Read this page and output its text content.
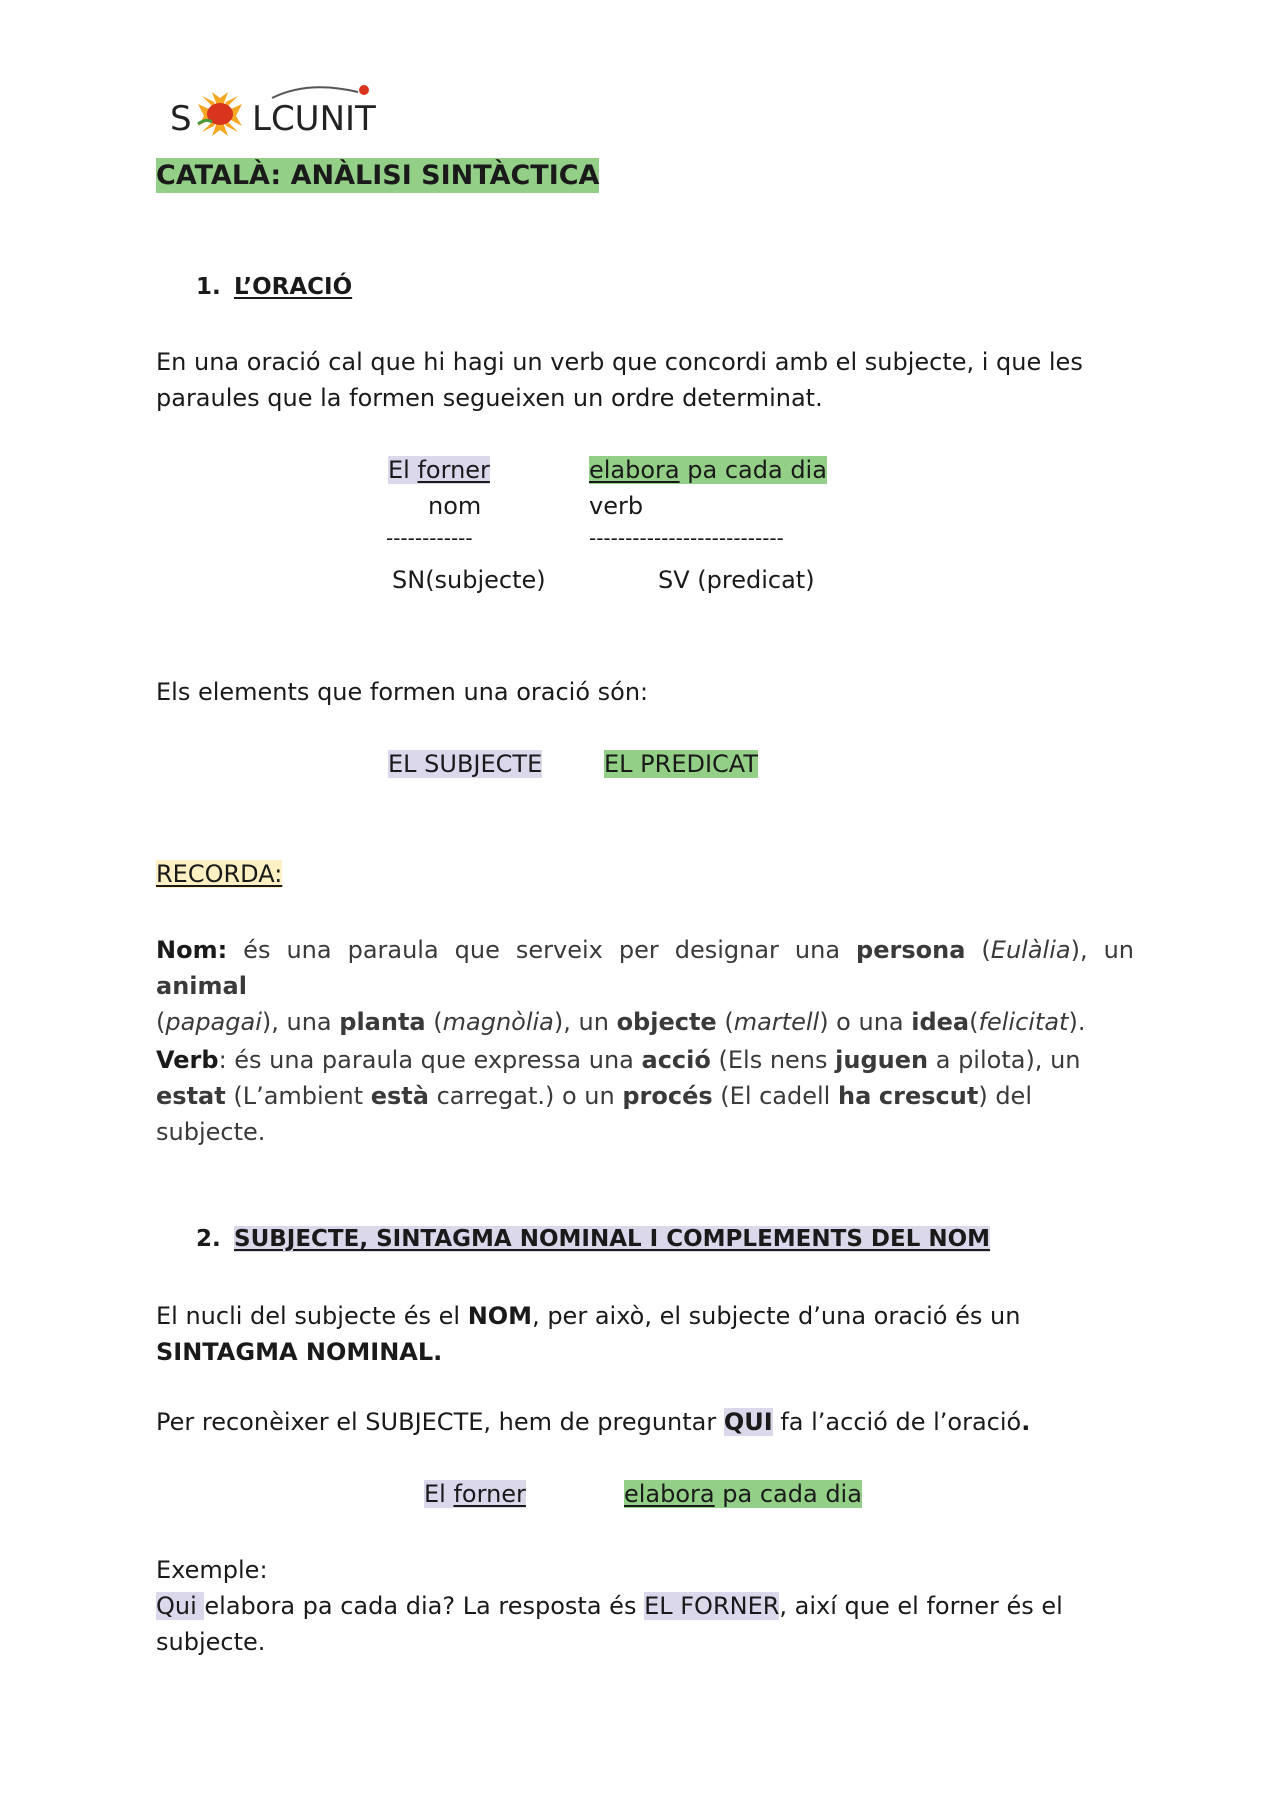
S LCUNIT
CATALÀ: ANÀLISI SINTÀCTICA
1. L’ORACIÓ
En una oració cal que hi hagi un verb que concordi amb el subjecte, i que les
paraules que la formen segueixen un ordre determinat.
El forner	elabora pa cada dia
nom	verb
------------	---------------------------
SN(subjecte)	SV (predicat)
Els elements que formen una oració són:
EL SUBJECTE	EL PREDICAT
RECORDA:
Nom: és una paraula que serveix per designar una persona (Eulàlia), un animal
(papagai), una planta (magnòlia), un objecte (martell) o una idea(felicitat).
Verb: és una paraula que expressa una acció (Els nens juguen a pilota), un
estat (L’ambient està carregat.) o un procés (El cadell ha crescut) del
subjecte.
2. SUBJECTE, SINTAGMA NOMINAL I COMPLEMENTS DEL NOM
El nucli del subjecte és el NOM, per això, el subjecte d’una oració és un
SINTAGMA NOMINAL.
Per reconèixer el SUBJECTE, hem de preguntar QUI fa l’acció de l’oració.
El forner	elabora pa cada dia
Exemple:
Qui elabora pa cada dia? La resposta és EL FORNER, així que el forner és el
subjecte.
